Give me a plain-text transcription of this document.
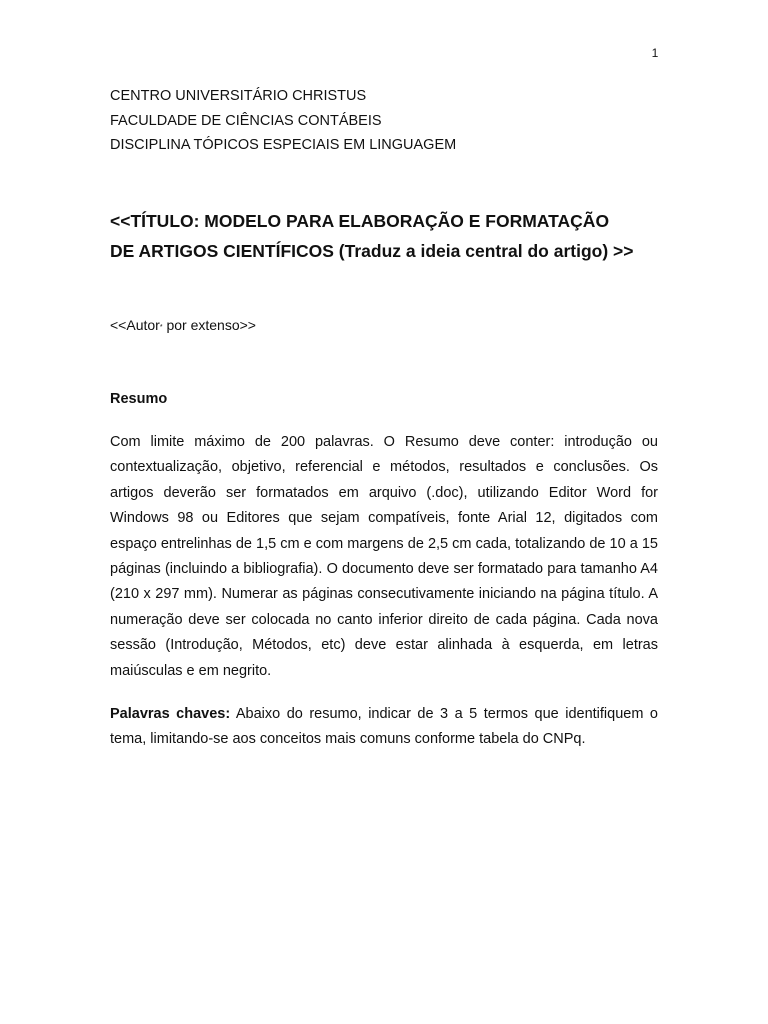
1
CENTRO UNIVERSITÁRIO CHRISTUS
FACULDADE DE CIÊNCIAS CONTÁBEIS
DISCIPLINA TÓPICOS ESPECIAIS EM LINGUAGEM
<<TÍTULO: MODELO PARA ELABORAÇÃO E FORMATAÇÃO
DE ARTIGOS CIENTÍFICOS (Traduz a ideia central do artigo) >>
<<Autor* por extenso>>
Resumo

Com limite máximo de 200 palavras. O Resumo deve conter: introdução ou contextualização, objetivo, referencial e métodos, resultados e conclusões. Os artigos deverão ser formatados em arquivo (.doc), utilizando Editor Word for Windows 98 ou Editores que sejam compatíveis, fonte Arial 12, digitados com espaço entrelinhas de 1,5 cm e com margens de 2,5 cm cada, totalizando de 10 a 15 páginas (incluindo a bibliografia). O documento deve ser formatado para tamanho A4 (210 x 297 mm). Numerar as páginas consecutivamente iniciando na página título. A numeração deve ser colocada no canto inferior direito de cada página. Cada nova sessão (Introdução, Métodos, etc) deve estar alinhada à esquerda, em letras maiúsculas e em negrito.

Palavras chaves: Abaixo do resumo, indicar de 3 a 5 termos que identifiquem o tema, limitando-se aos conceitos mais comuns conforme tabela do CNPq.
